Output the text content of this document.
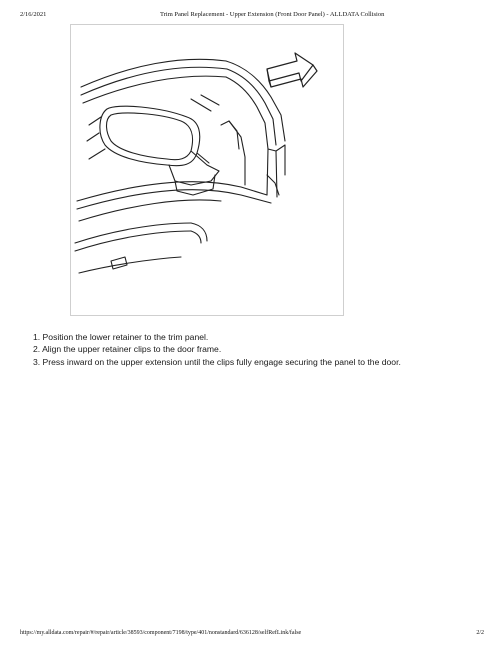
2/16/2021	Trim Panel Replacement - Upper Extension (Front Door Panel) - ALLDATA Collision
1. Position the lower retainer to the trim panel.
2. Align the upper retainer clips to the door frame.
3. Press inward on the upper extension until the clips fully engage securing the panel to the door.
https://my.alldata.com/repair/#/repair/article/38593/component/7198/type/401/nonstandard/636128/selfRefLink/false	2/2
